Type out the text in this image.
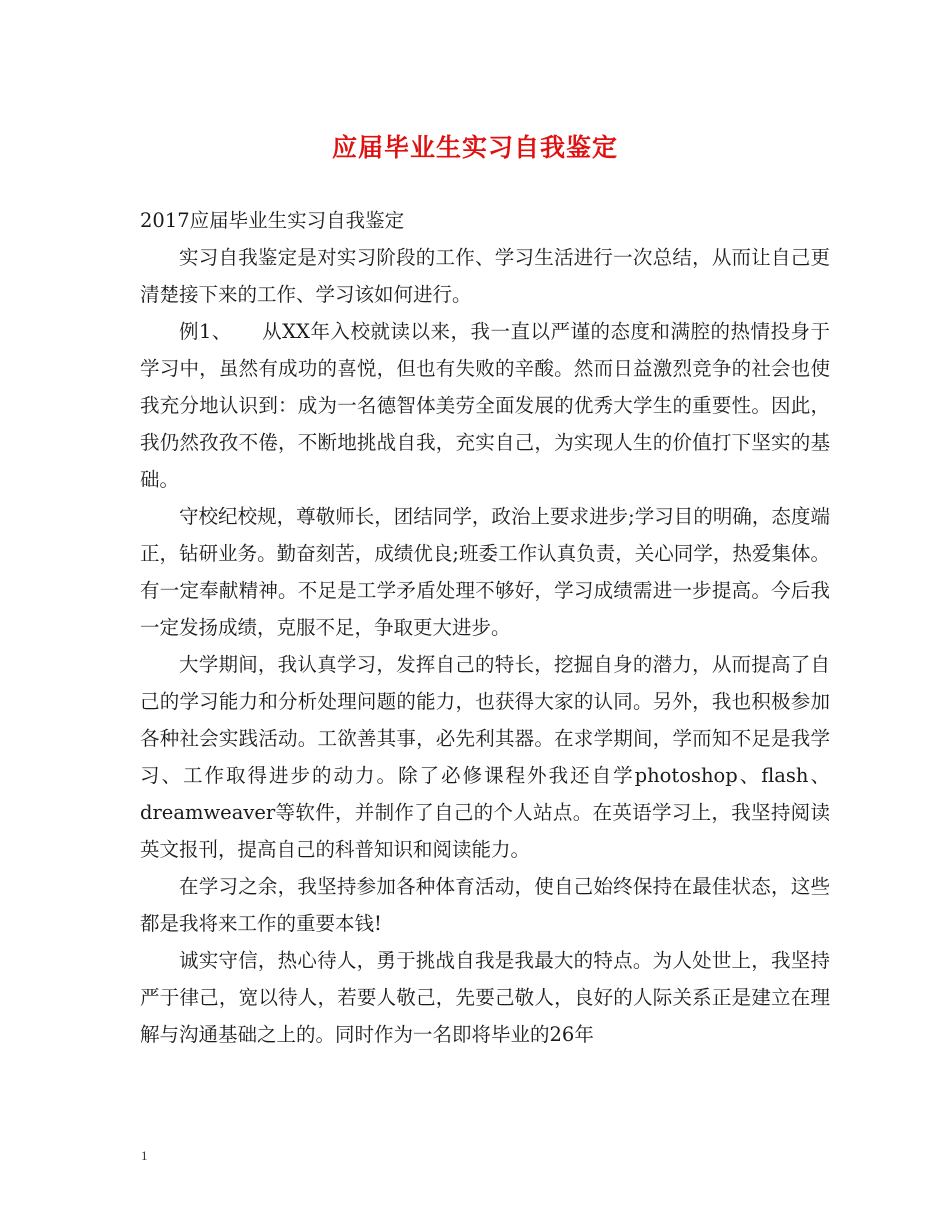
应届毕业生实习自我鉴定

2017应届毕业生实习自我鉴定

实习自我鉴定是对实习阶段的工作、学习生活进行一次总结，从而让自己更清楚接下来的工作、学习该如何进行。

例1、　　从XX年入校就读以来，我一直以严谨的态度和满腔的热情投身于学习中，虽然有成功的喜悦，但也有失败的辛酸。然而日益激烈竞争的社会也使我充分地认识到：成为一名德智体美劳全面发展的优秀大学生的重要性。因此，我仍然孜孜不倦，不断地挑战自我，充实自己，为实现人生的价值打下坚实的基础。

守校纪校规，尊敬师长，团结同学，政治上要求进步;学习目的明确，态度端正，钻研业务。勤奋刻苦，成绩优良;班委工作认真负责，关心同学，热爱集体。有一定奉献精神。不足是工学矛盾处理不够好，学习成绩需进一步提高。今后我一定发扬成绩，克服不足，争取更大进步。

大学期间，我认真学习，发挥自己的特长，挖掘自身的潜力，从而提高了自己的学习能力和分析处理问题的能力，也获得大家的认同。另外，我也积极参加各种社会实践活动。工欲善其事，必先利其器。在求学期间，学而知不足是我学习、工作取得进步的动力。除了必修课程外我还自学photoshop、flash、dreamweaver等软件，并制作了自己的个人站点。在英语学习上，我坚持阅读英文报刊，提高自己的科普知识和阅读能力。

在学习之余，我坚持参加各种体育活动，使自己始终保持在最佳状态，这些都是我将来工作的重要本钱!

诚实守信，热心待人，勇于挑战自我是我最大的特点。为人处世上，我坚持严于律己，宽以待人，若要人敬己，先要己敬人，良好的人际关系正是建立在理解与沟通基础之上的。同时作为一名即将毕业的26年

1
